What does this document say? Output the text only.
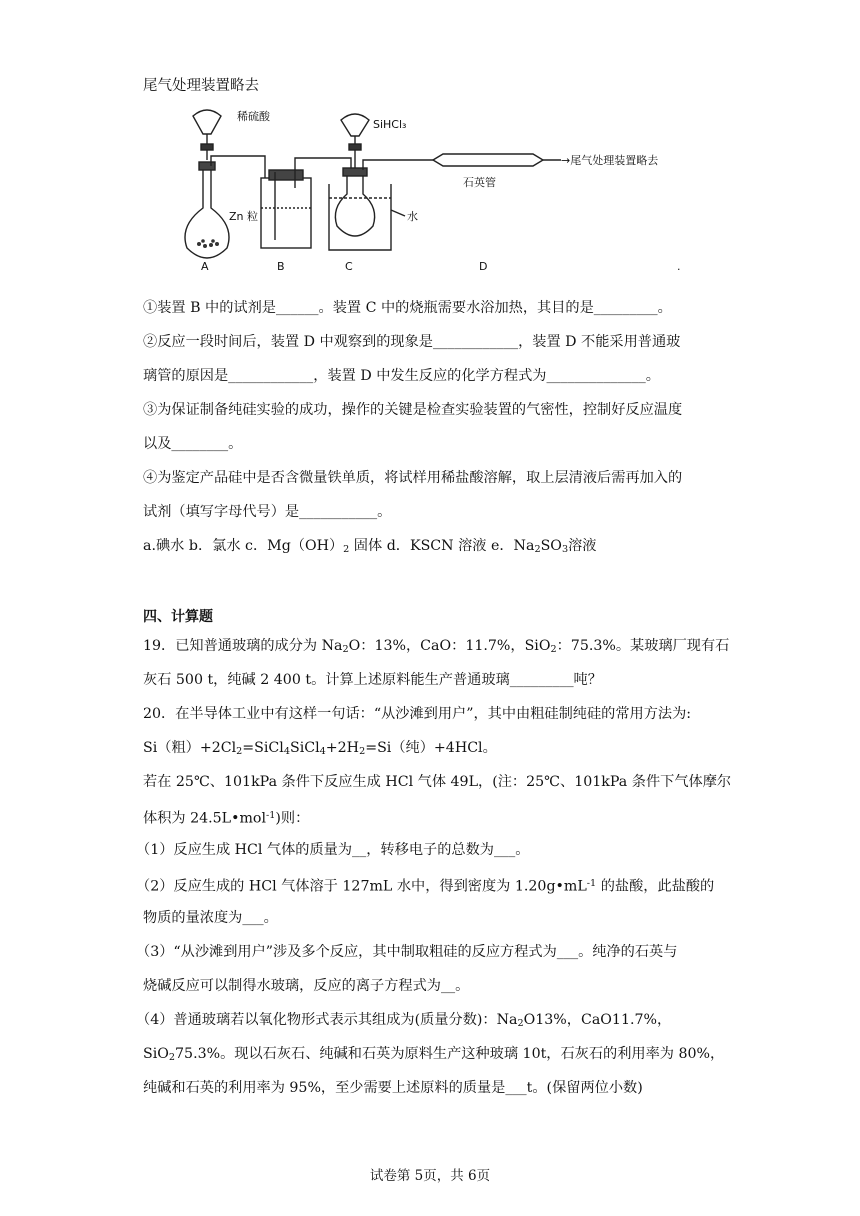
尾气处理装置略去
稀硫酸
Zn 粒
SiHCl₃
水
石英管
→尾气处理装置略去
A	B	C	D	.
①装置 B 中的试剂是______。装置 C 中的烧瓶需要水浴加热，其目的是_________。
②反应一段时间后，装置 D 中观察到的现象是____________，装置 D 不能采用普通玻
璃管的原因是____________，装置 D 中发生反应的化学方程式为______________。
③为保证制备纯硅实验的成功，操作的关键是检查实验装置的气密性，控制好反应温度
以及________。
④为鉴定产品硅中是否含微量铁单质，将试样用稀盐酸溶解，取上层清液后需再加入的
试剂（填写字母代号）是___________。
a.碘水 b．氯水 c．Mg（OH）2 固体 d．KSCN 溶液 e．Na2SO3溶液
四、计算题
19．已知普通玻璃的成分为 Na2O：13%，CaO：11.7%，SiO2：75.3%。某玻璃厂现有石
灰石 500 t，纯碱 2 400 t。计算上述原料能生产普通玻璃_________吨？
20．在半导体工业中有这样一句话：“从沙滩到用户”，其中由粗硅制纯硅的常用方法为:
Si（粗）+2Cl2=SiCl4SiCl4+2H2=Si（纯）+4HCl。
若在 25℃、101kPa 条件下反应生成 HCl 气体 49L，(注：25℃、101kPa 条件下气体摩尔
体积为 24.5L•mol$^{-1}$)则：
（1）反应生成 HCl 气体的质量为__，转移电子的总数为___。
（2）反应生成的 HCl 气体溶于 127mL 水中，得到密度为 $1.20g•mL^{-1}$ 的盐酸，此盐酸的
物质的量浓度为___。
（3）“从沙滩到用户”涉及多个反应，其中制取粗硅的反应方程式为___。纯净的石英与
烧碱反应可以制得水玻璃，反应的离子方程式为__。
（4）普通玻璃若以氧化物形式表示其组成为(质量分数)：Na2O13%，CaO11.7%，
SiO275.3%。现以石灰石、纯碱和石英为原料生产这种玻璃 10t，石灰石的利用率为 80%，
纯碱和石英的利用率为 95%，至少需要上述原料的质量是___t。(保留两位小数)
试卷第 5页，共 6页
